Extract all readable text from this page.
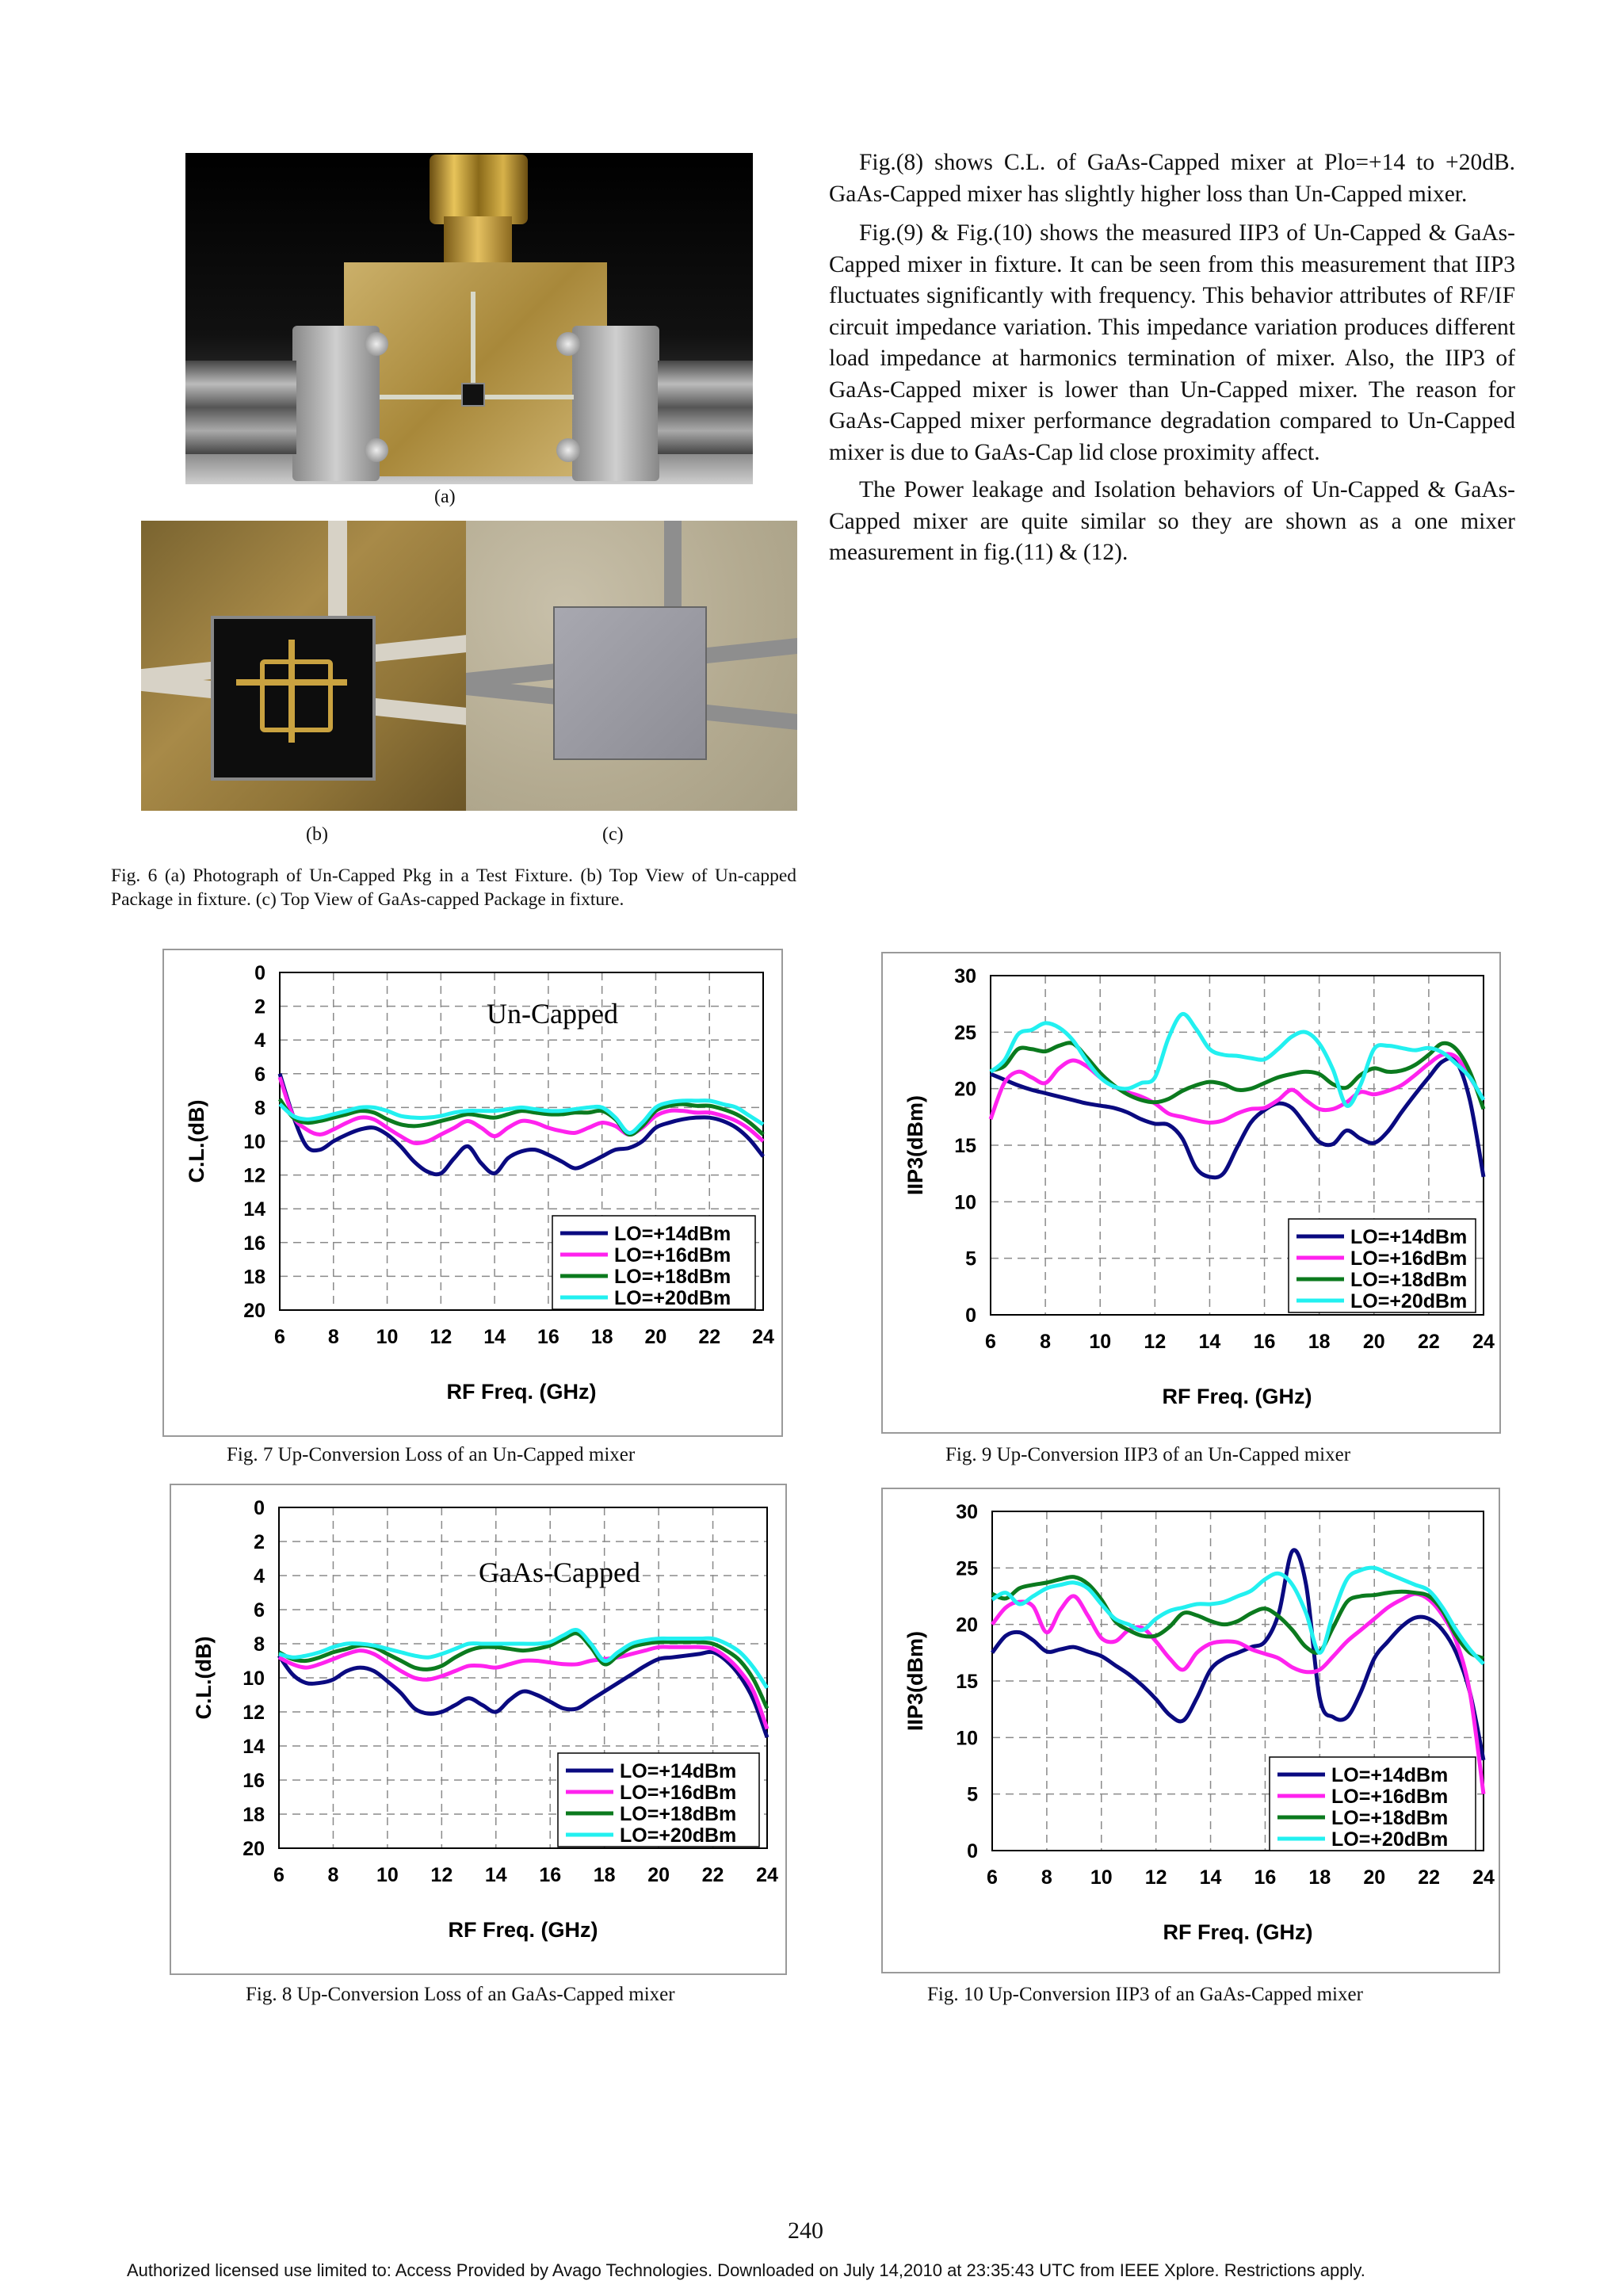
(a)
(b)	(c)
Fig. 6 (a) Photograph of Un-Capped Pkg in a Test Fixture. (b) Top View of Un-capped Package in fixture. (c) Top View of GaAs-capped Package in fixture.

Fig.(8) shows C.L. of GaAs-Capped mixer at Plo=+14 to +20dB. GaAs-Capped mixer has slightly higher loss than Un-Capped mixer.

Fig.(9) & Fig.(10) shows the measured IIP3 of Un-Capped & GaAs-Capped mixer in fixture. It can be seen from this measurement that IIP3 fluctuates significantly with frequency. This behavior attributes of RF/IF circuit impedance variation. This impedance variation produces different load impedance at harmonics termination of mixer. Also, the IIP3 of GaAs-Capped mixer is lower than Un-Capped mixer. The reason for GaAs-Capped mixer performance degradation compared to Un-Capped mixer is due to GaAs-Cap lid close proximity affect.

The Power leakage and Isolation behaviors of Un-Capped & GaAs-Capped mixer are quite similar so they are shown as a one mixer measurement in fig.(11) & (12).

6 8 10 12 14 16 18 20 22 24
0
2
4
6
8
10
12
14
16
18
20
RF Freq. (GHz)
C.L.(dB)
LO=+14dBm
LO=+16dBm
LO=+18dBm
LO=+20dBm
Un-Capped
Fig. 7 Up-Conversion Loss of an Un-Capped mixer
6 8 10 12 14 16 18 20 22 24
0
5
10
15
20
25
30
RF Freq. (GHz)
IIP3(dBm)
LO=+14dBm
LO=+16dBm
LO=+18dBm
LO=+20dBm
Fig. 9 Up-Conversion IIP3 of an Un-Capped mixer
6 8 10 12 14 16 18 20 22 24
0
2
4
6
8
10
12
14
16
18
20
RF Freq. (GHz)
C.L.(dB)
LO=+14dBm
LO=+16dBm
LO=+18dBm
LO=+20dBm
GaAs-Capped
Fig. 8 Up-Conversion Loss of an GaAs-Capped mixer
6 8 10 12 14 16 18 20 22 24
0
5
10
15
20
25
30
RF Freq. (GHz)
IIP3(dBm)
LO=+14dBm
LO=+16dBm
LO=+18dBm
LO=+20dBm
Fig. 10 Up-Conversion IIP3 of an GaAs-Capped mixer
240
Authorized licensed use limited to: Access Provided by Avago Technologies. Downloaded on July 14,2010 at 23:35:43 UTC from IEEE Xplore. Restrictions apply.
